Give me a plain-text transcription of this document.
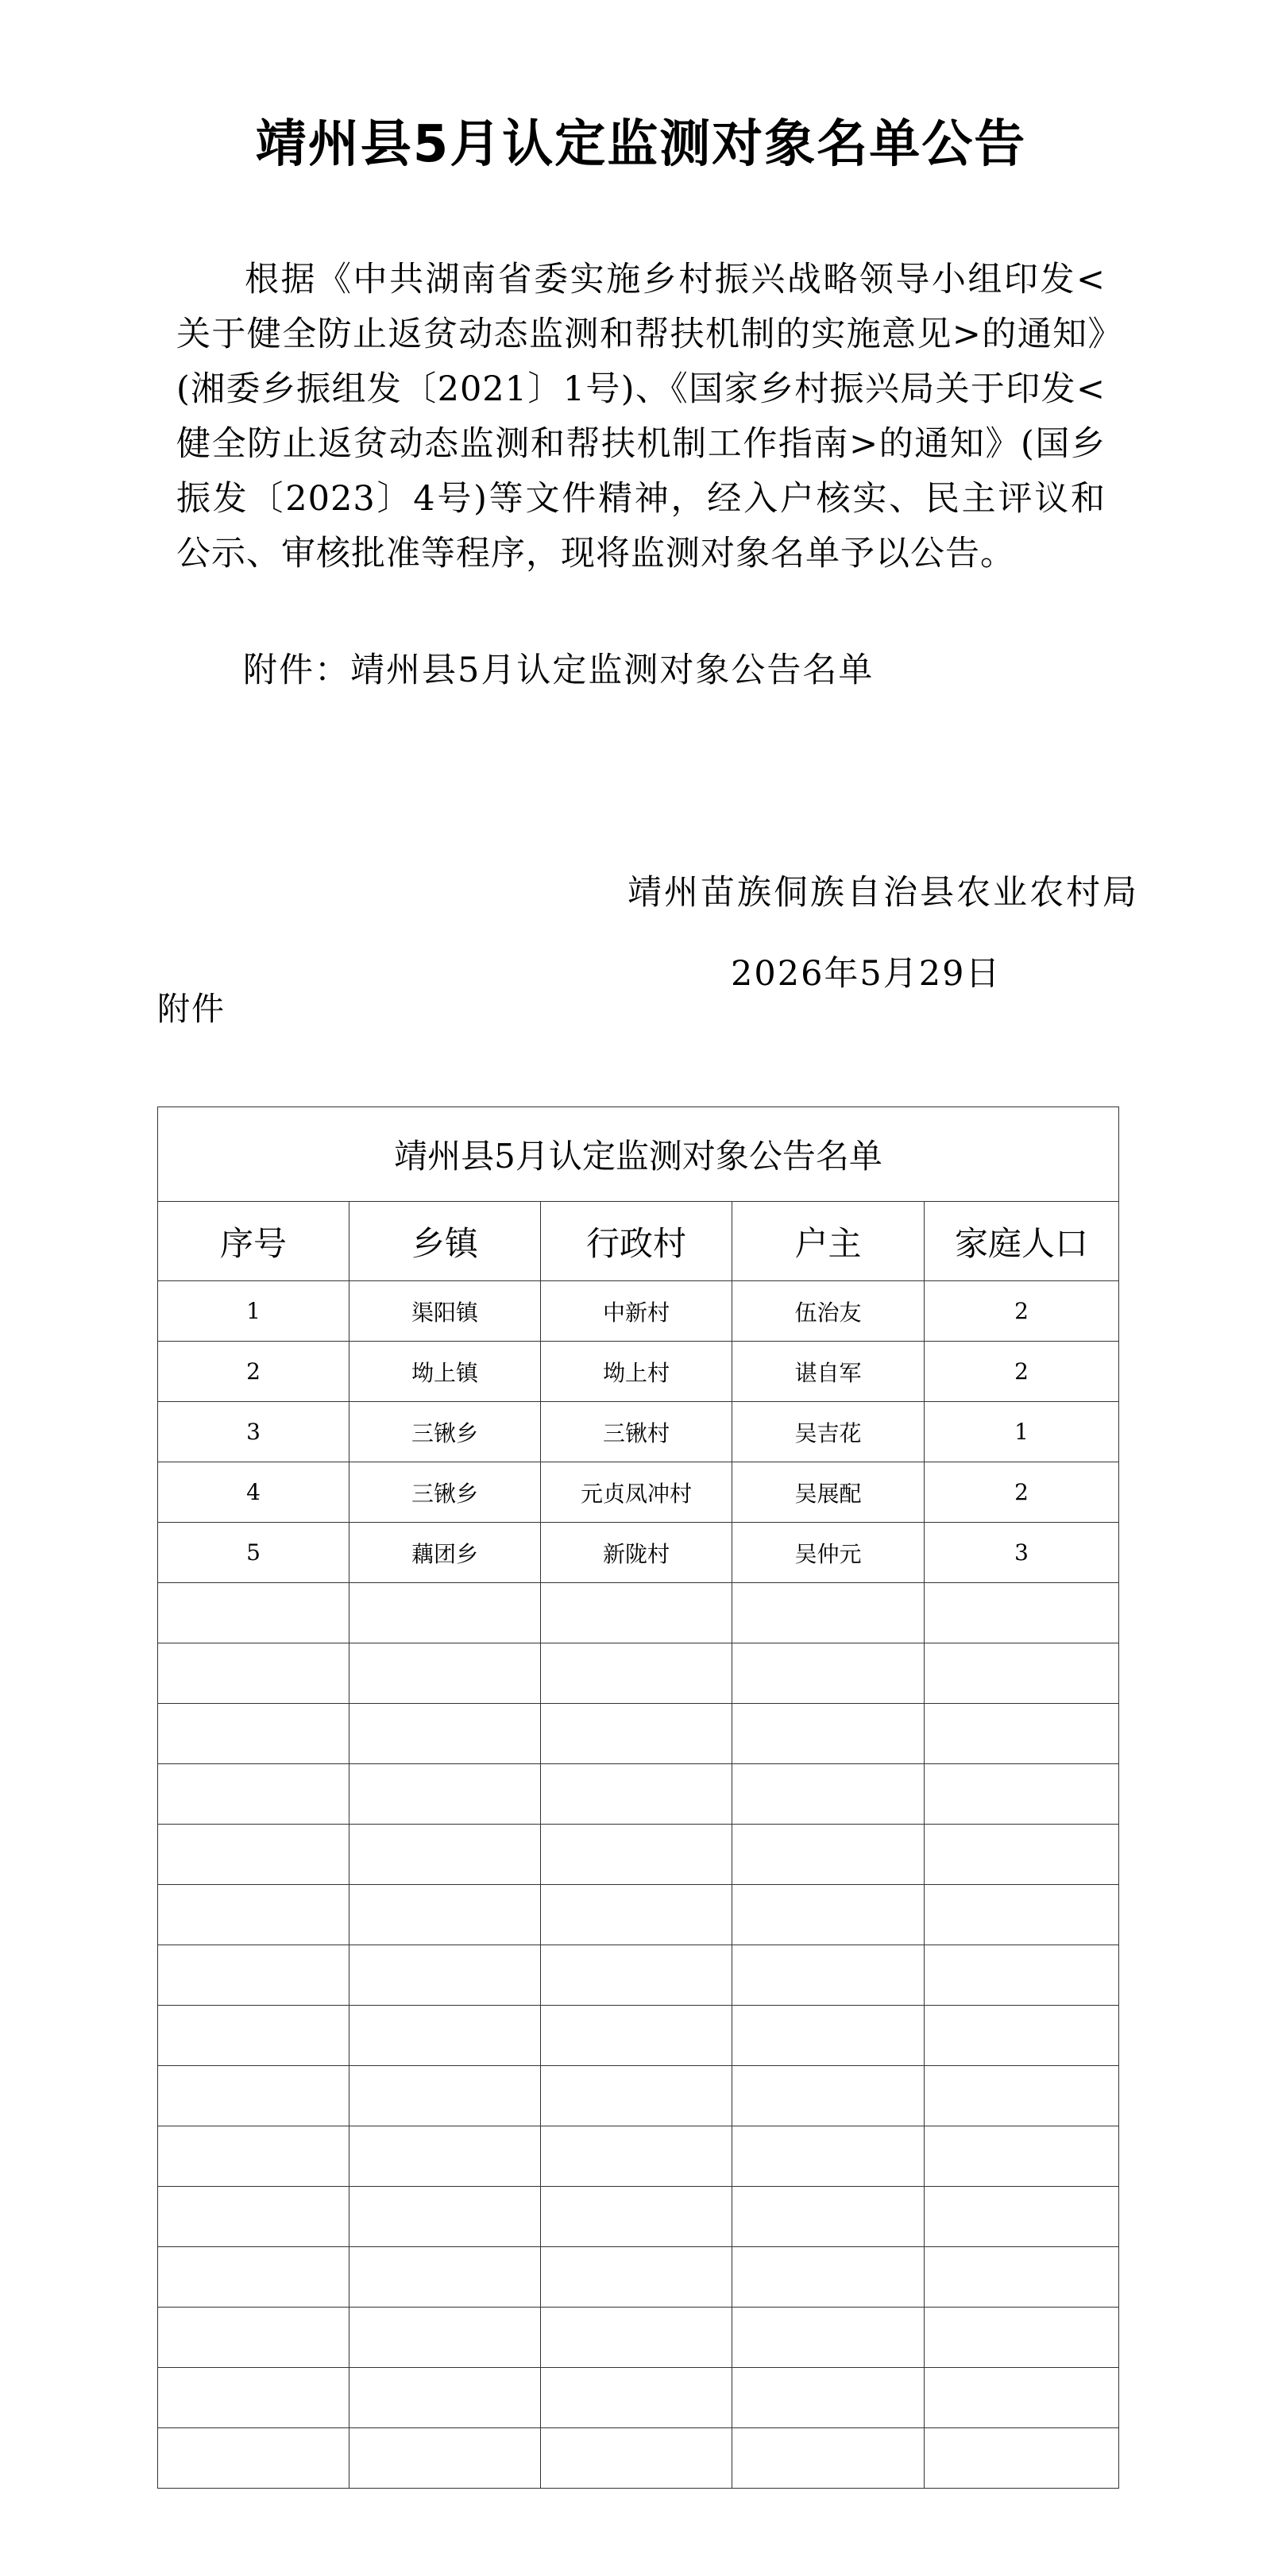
靖州县5月认定监测对象名单公告

根据《中共湖南省委实施乡村振兴战略领导小组印发<关于健全防止返贫动态监测和帮扶机制的实施意见>的通知》(湘委乡振组发〔2021〕1号)、《国家乡村振兴局关于印发<健全防止返贫动态监测和帮扶机制工作指南>的通知》(国乡振发〔2023〕4号)等文件精神，经入户核实、民主评议和公示、审核批准等程序，现将监测对象名单予以公告。

附件：靖州县5月认定监测对象公告名单
靖州苗族侗族自治县农业农村局
2026年5月29日
附件
靖州县5月认定监测对象公告名单				
序号	乡镇	行政村	户主	家庭人口
1	渠阳镇	中新村	伍治友	2
2	坳上镇	坳上村	谌自军	2
3	三锹乡	三锹村	吴吉花	1
4	三锹乡	元贞凤冲村	吴展配	2
5	藕团乡	新陇村	吴仲元	3
